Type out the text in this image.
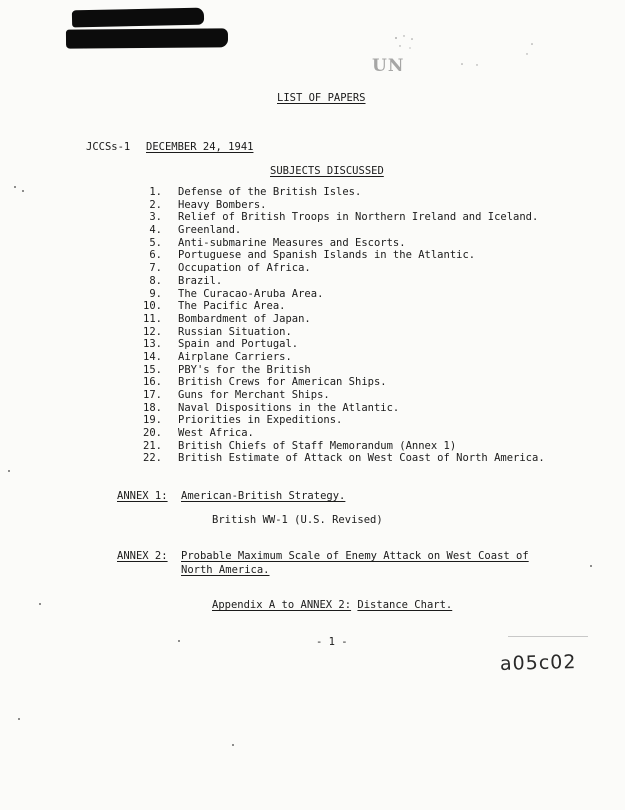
UN
LIST OF PAPERS
JCCSs-1 DECEMBER 24, 1941
SUBJECTS DISCUSSED
1. Defense of the British Isles.
2. Heavy Bombers.
3. Relief of British Troops in Northern Ireland and Iceland.
4. Greenland.
5. Anti-submarine Measures and Escorts.
6. Portuguese and Spanish Islands in the Atlantic.
7. Occupation of Africa.
8. Brazil.
9. The Curacao-Aruba Area.
10. The Pacific Area.
11. Bombardment of Japan.
12. Russian Situation.
13. Spain and Portugal.
14. Airplane Carriers.
15. PBY's for the British
16. British Crews for American Ships.
17. Guns for Merchant Ships.
18. Naval Dispositions in the Atlantic.
19. Priorities in Expeditions.
20. West Africa.
21. British Chiefs of Staff Memorandum (Annex 1)
22. British Estimate of Attack on West Coast of North America.
ANNEX 1: American-British Strategy.
British WW-1 (U.S. Revised)
ANNEX 2: Probable Maximum Scale of Enemy Attack on West Coast of
North America.
Appendix A to ANNEX 2: Distance Chart.
- 1 -
a05c02
